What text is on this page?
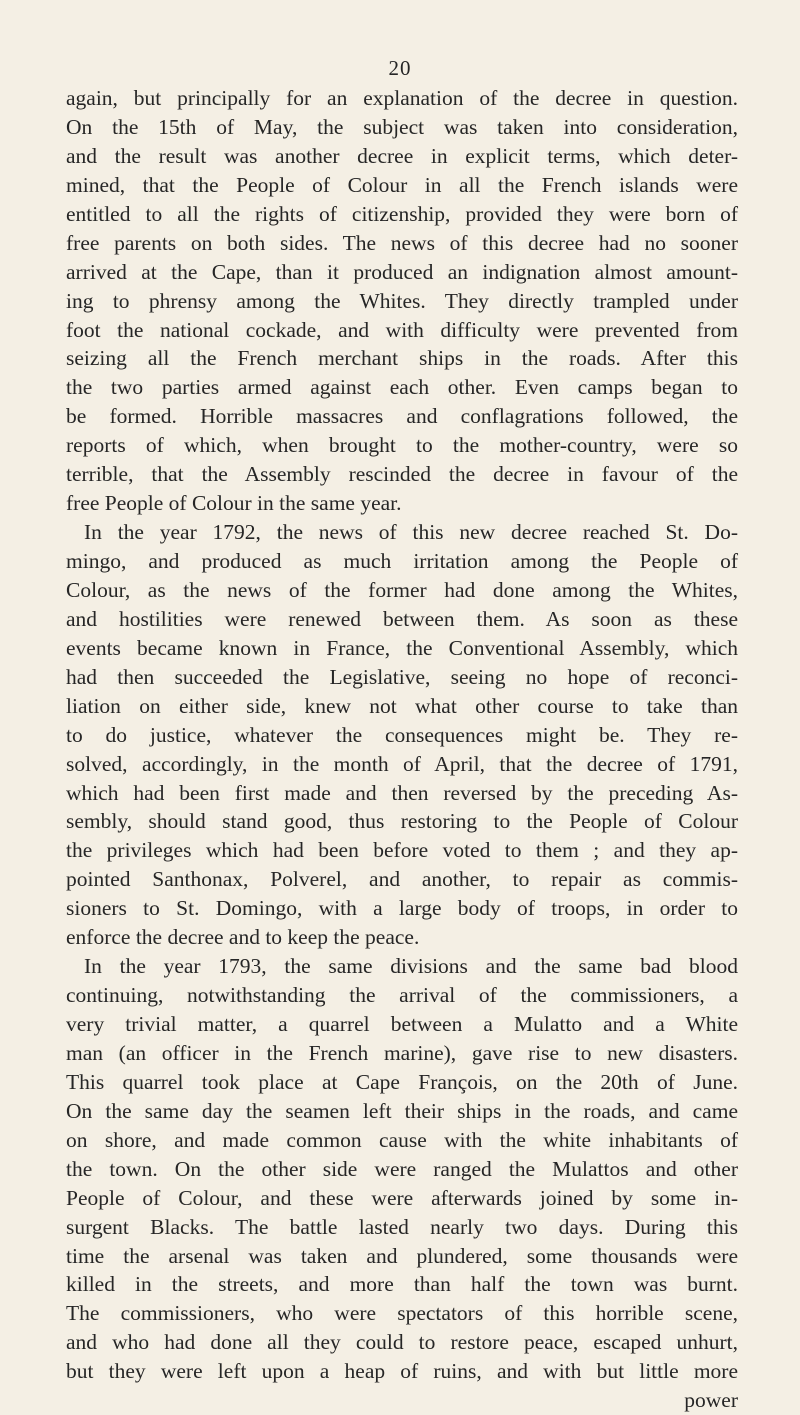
20
again, but principally for an explanation of the decree in question.
On the 15th of May, the subject was taken into consideration,
and the result was another decree in explicit terms, which deter-
mined, that the People of Colour in all the French islands were
entitled to all the rights of citizenship, provided they were born of
free parents on both sides. The news of this decree had no sooner
arrived at the Cape, than it produced an indignation almost amount-
ing to phrensy among the Whites. They directly trampled under
foot the national cockade, and with difficulty were prevented from
seizing all the French merchant ships in the roads. After this
the two parties armed against each other. Even camps began to
be formed. Horrible massacres and conflagrations followed, the
reports of which, when brought to the mother-country, were so
terrible, that the Assembly rescinded the decree in favour of the
free People of Colour in the same year.
In the year 1792, the news of this new decree reached St. Do-
mingo, and produced as much irritation among the People of
Colour, as the news of the former had done among the Whites,
and hostilities were renewed between them. As soon as these
events became known in France, the Conventional Assembly, which
had then succeeded the Legislative, seeing no hope of reconci-
liation on either side, knew not what other course to take than
to do justice, whatever the consequences might be. They re-
solved, accordingly, in the month of April, that the decree of 1791,
which had been first made and then reversed by the preceding As-
sembly, should stand good, thus restoring to the People of Colour
the privileges which had been before voted to them ; and they ap-
pointed Santhonax, Polverel, and another, to repair as commis-
sioners to St. Domingo, with a large body of troops, in order to
enforce the decree and to keep the peace.
In the year 1793, the same divisions and the same bad blood
continuing, notwithstanding the arrival of the commissioners, a
very trivial matter, a quarrel between a Mulatto and a White
man (an officer in the French marine), gave rise to new disasters.
This quarrel took place at Cape François, on the 20th of June.
On the same day the seamen left their ships in the roads, and came
on shore, and made common cause with the white inhabitants of
the town. On the other side were ranged the Mulattos and other
People of Colour, and these were afterwards joined by some in-
surgent Blacks. The battle lasted nearly two days. During this
time the arsenal was taken and plundered, some thousands were
killed in the streets, and more than half the town was burnt.
The commissioners, who were spectators of this horrible scene,
and who had done all they could to restore peace, escaped unhurt,
but they were left upon a heap of ruins, and with but little more
power
